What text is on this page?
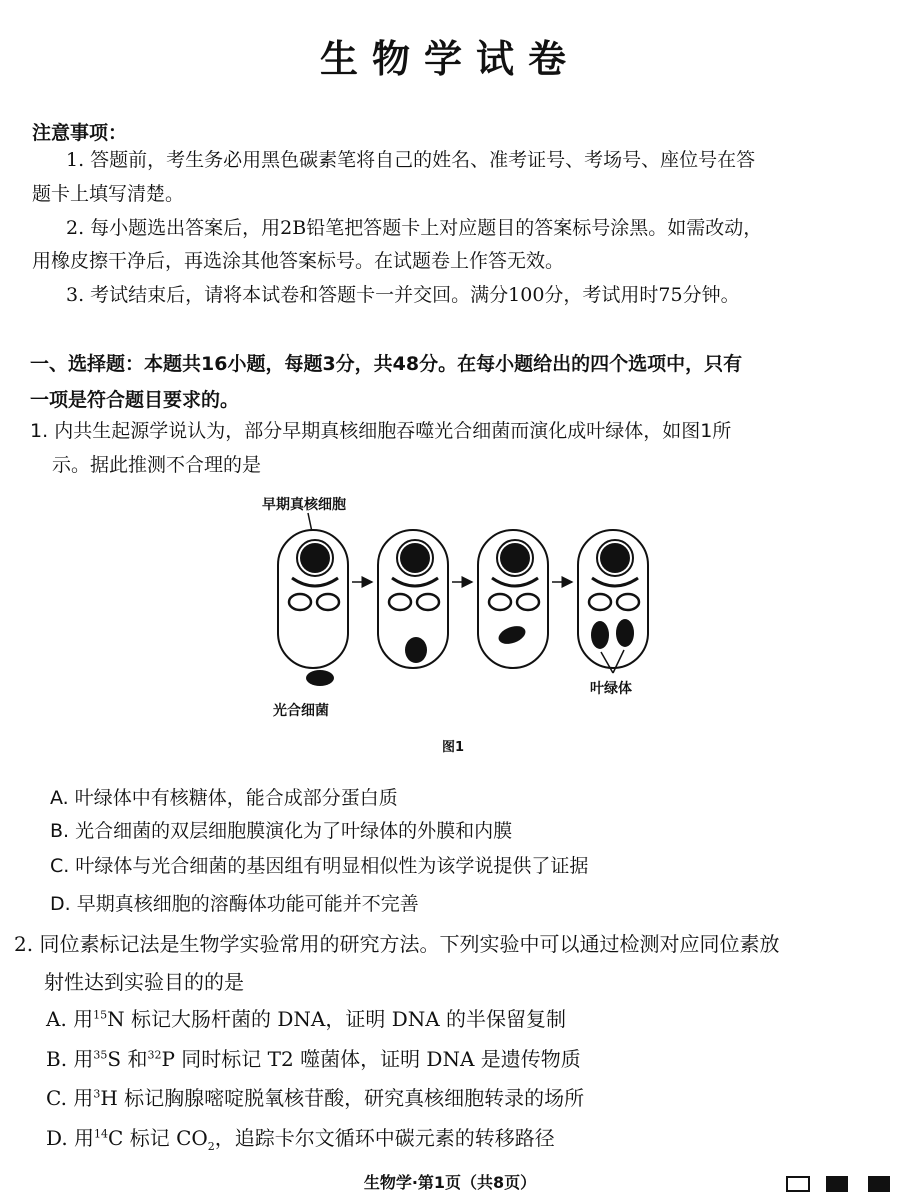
生物学试卷
注意事项：
1. 答题前，考生务必用黑色碳素笔将自己的姓名、准考证号、考场号、座位号在答
题卡上填写清楚。
2. 每小题选出答案后，用2B铅笔把答题卡上对应题目的答案标号涂黑。如需改动，
用橡皮擦干净后，再选涂其他答案标号。在试题卷上作答无效。
3. 考试结束后，请将本试卷和答题卡一并交回。满分100分，考试用时75分钟。
一、选择题：本题共16小题，每题3分，共48分。在每小题给出的四个选项中，只有
一项是符合题目要求的。
1. 内共生起源学说认为，部分早期真核细胞吞噬光合细菌而演化成叶绿体，如图1所
示。据此推测不合理的是
早期真核细胞
光合细菌
叶绿体
图1
A. 叶绿体中有核糖体，能合成部分蛋白质
B. 光合细菌的双层细胞膜演化为了叶绿体的外膜和内膜
C. 叶绿体与光合细菌的基因组有明显相似性为该学说提供了证据
D. 早期真核细胞的溶酶体功能可能并不完善
2. 同位素标记法是生物学实验常用的研究方法。下列实验中可以通过检测对应同位素放
射性达到实验目的的是
A. 用$^{15}$N 标记大肠杆菌的 DNA，证明 DNA 的半保留复制
B. 用$^{35}$S 和$^{32}$P 同时标记 T2 噬菌体，证明 DNA 是遗传物质
C. 用$^3$H 标记胸腺嘧啶脱氧核苷酸，研究真核细胞转录的场所
D. 用$^{14}$C 标记 $CO_2$，追踪卡尔文循环中碳元素的转移路径
生物学·第1页（共8页）
